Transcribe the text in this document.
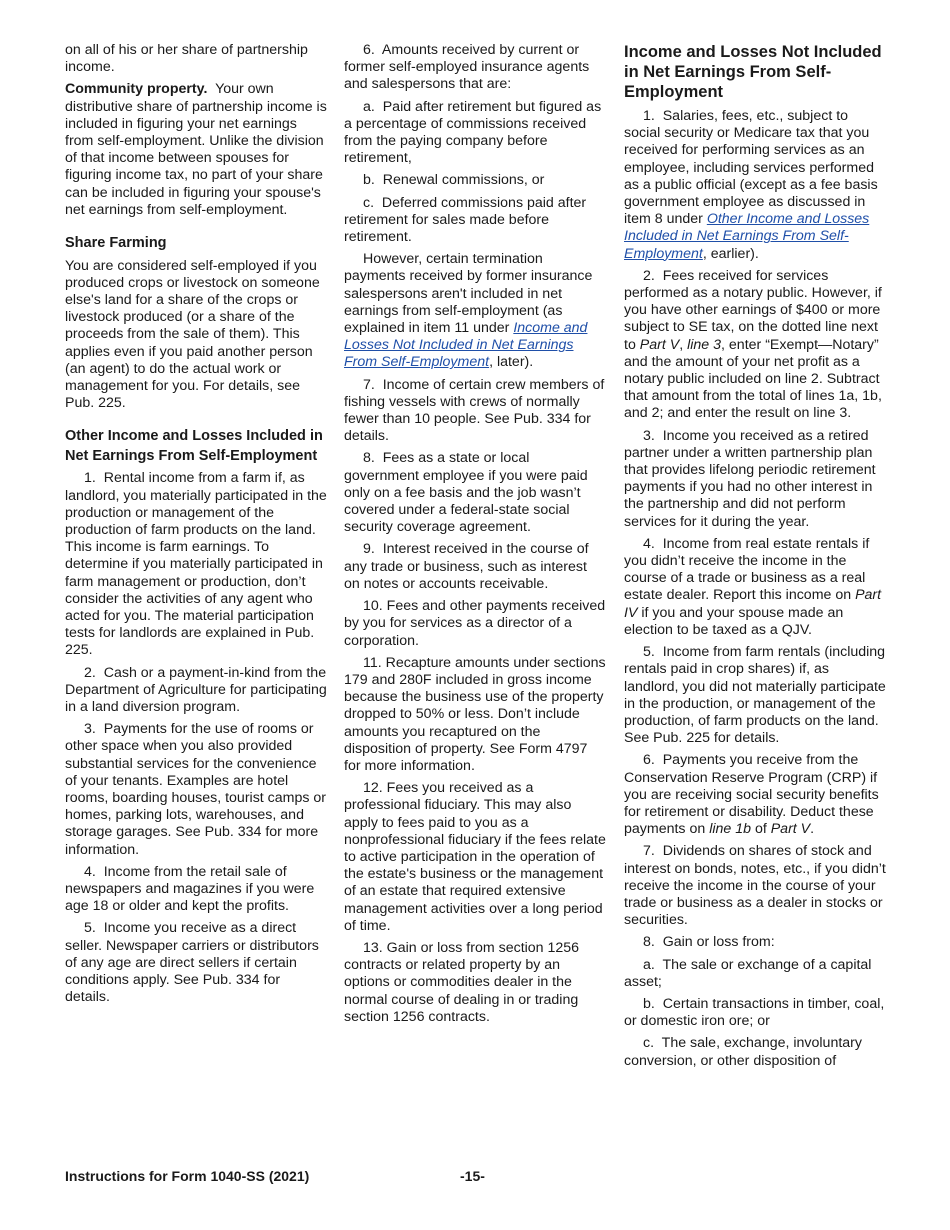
on all of his or her share of partnership income.

Community property. Your own distributive share of partnership income is included in figuring your net earnings from self-employment. Unlike the division of that income between spouses for figuring income tax, no part of your share can be included in figuring your spouse's net earnings from self-employment.

Share Farming

You are considered self-employed if you produced crops or livestock on someone else's land for a share of the crops or livestock produced (or a share of the proceeds from the sale of them). This applies even if you paid another person (an agent) to do the actual work or management for you. For details, see Pub. 225.

Other Income and Losses Included in Net Earnings From Self-Employment

1.  Rental income from a farm if, as landlord, you materially participated in the production or management of the production of farm products on the land. This income is farm earnings. To determine if you materially participated in farm management or production, don’t consider the activities of any agent who acted for you. The material participation tests for landlords are explained in Pub. 225.

2.  Cash or a payment-in-kind from the Department of Agriculture for participating in a land diversion program.

3.  Payments for the use of rooms or other space when you also provided substantial services for the convenience of your tenants. Examples are hotel rooms, boarding houses, tourist camps or homes, parking lots, warehouses, and storage garages. See Pub. 334 for more information.

4.  Income from the retail sale of newspapers and magazines if you were age 18 or older and kept the profits.

5.  Income you receive as a direct seller. Newspaper carriers or distributors of any age are direct sellers if certain conditions apply. See Pub. 334 for details.

6.  Amounts received by current or former self-employed insurance agents and salespersons that are:

a.  Paid after retirement but figured as a percentage of commissions received from the paying company before retirement,

b.  Renewal commissions, or

c.  Deferred commissions paid after retirement for sales made before retirement.

However, certain termination payments received by former insurance salespersons aren't included in net earnings from self-employment (as explained in item 11 under Income and Losses Not Included in Net Earnings From Self-Employment, later).

7.  Income of certain crew members of fishing vessels with crews of normally fewer than 10 people. See Pub. 334 for details.

8.  Fees as a state or local government employee if you were paid only on a fee basis and the job wasn’t covered under a federal-state social security coverage agreement.

9.  Interest received in the course of any trade or business, such as interest on notes or accounts receivable.

10. Fees and other payments received by you for services as a director of a corporation.

11. Recapture amounts under sections 179 and 280F included in gross income because the business use of the property dropped to 50% or less. Don’t include amounts you recaptured on the disposition of property. See Form 4797 for more information.

12. Fees you received as a professional fiduciary. This may also apply to fees paid to you as a nonprofessional fiduciary if the fees relate to active participation in the operation of the estate's business or the management of an estate that required extensive management activities over a long period of time.

13. Gain or loss from section 1256 contracts or related property by an options or commodities dealer in the normal course of dealing in or trading section 1256 contracts.

Income and Losses Not Included in Net Earnings From Self-Employment

1.  Salaries, fees, etc., subject to social security or Medicare tax that you received for performing services as an employee, including services performed as a public official (except as a fee basis government employee as discussed in item 8 under Other Income and Losses Included in Net Earnings From Self-Employment, earlier).

2.  Fees received for services performed as a notary public. However, if you have other earnings of $400 or more subject to SE tax, on the dotted line next to Part V, line 3, enter “Exempt—Notary” and the amount of your net profit as a notary public included on line 2. Subtract that amount from the total of lines 1a, 1b, and 2; and enter the result on line 3.

3.  Income you received as a retired partner under a written partnership plan that provides lifelong periodic retirement payments if you had no other interest in the partnership and did not perform services for it during the year.

4.  Income from real estate rentals if you didn’t receive the income in the course of a trade or business as a real estate dealer. Report this income on Part IV if you and your spouse made an election to be taxed as a QJV.

5.  Income from farm rentals (including rentals paid in crop shares) if, as landlord, you did not materially participate in the production, or management of the production, of farm products on the land. See Pub. 225 for details.

6.  Payments you receive from the Conservation Reserve Program (CRP) if you are receiving social security benefits for retirement or disability. Deduct these payments on line 1b of Part V.

7.  Dividends on shares of stock and interest on bonds, notes, etc., if you didn’t receive the income in the course of your trade or business as a dealer in stocks or securities.

8.  Gain or loss from:

a.  The sale or exchange of a capital asset;

b.  Certain transactions in timber, coal, or domestic iron ore; or

c.  The sale, exchange, involuntary conversion, or other disposition of

Instructions for Form 1040-SS (2021)	-15-
